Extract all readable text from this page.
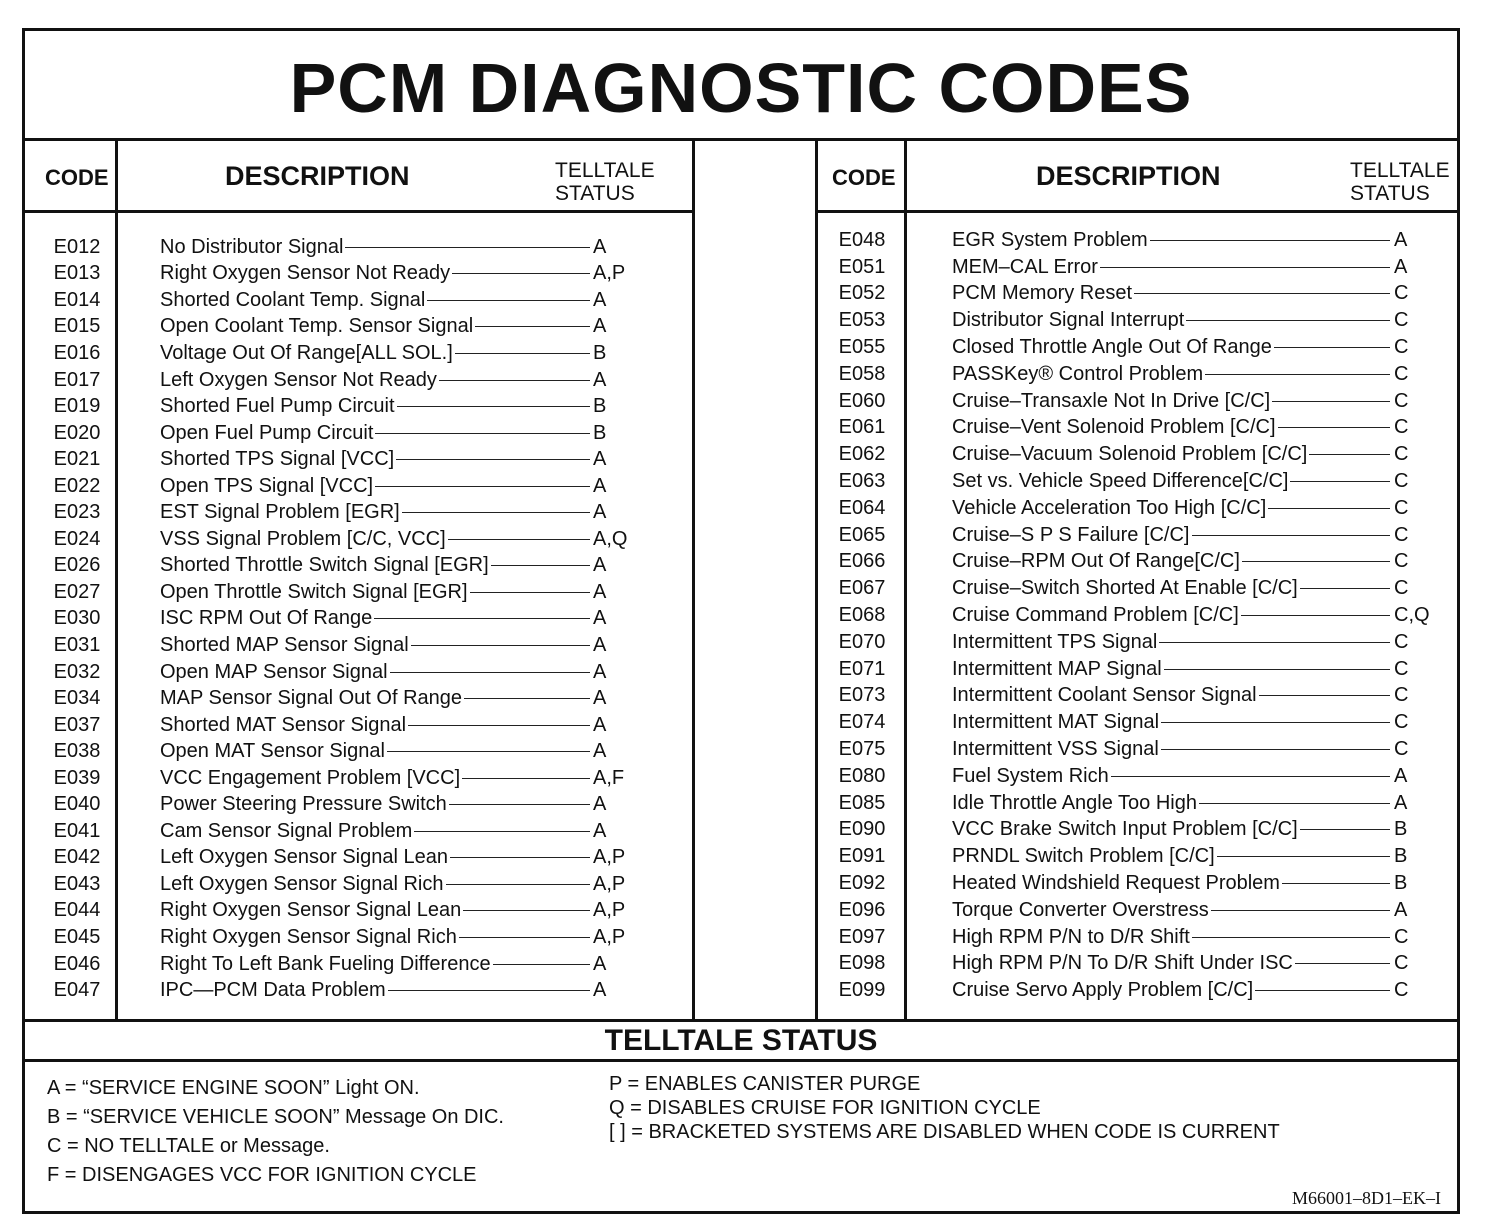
PCM DIAGNOSTIC CODES
CODE	DESCRIPTION	TELLTALE
STATUS
E012	No Distributor Signal	A
E013	Right Oxygen Sensor Not Ready	A,P
E014	Shorted Coolant Temp. Signal	A
E015	Open Coolant Temp. Sensor Signal	A
E016	Voltage Out Of Range[ALL SOL.]	B
E017	Left Oxygen Sensor Not Ready	A
E019	Shorted Fuel Pump Circuit	B
E020	Open Fuel Pump Circuit	B
E021	Shorted TPS Signal [VCC]	A
E022	Open TPS Signal [VCC]	A
E023	EST Signal Problem [EGR]	A
E024	VSS Signal Problem [C/C, VCC]	A,Q
E026	Shorted Throttle Switch Signal [EGR]	A
E027	Open Throttle Switch Signal [EGR]	A
E030	ISC RPM Out Of Range	A
E031	Shorted MAP Sensor Signal	A
E032	Open MAP Sensor Signal	A
E034	MAP Sensor Signal Out Of Range	A
E037	Shorted MAT Sensor Signal	A
E038	Open MAT Sensor Signal	A
E039	VCC Engagement Problem [VCC]	A,F
E040	Power Steering Pressure Switch	A
E041	Cam Sensor Signal Problem	A
E042	Left Oxygen Sensor Signal Lean	A,P
E043	Left Oxygen Sensor Signal Rich	A,P
E044	Right Oxygen Sensor Signal Lean	A,P
E045	Right Oxygen Sensor Signal Rich	A,P
E046	Right To Left Bank Fueling Difference	A
E047	IPC—PCM Data Problem	A
CODE	DESCRIPTION	TELLTALE
STATUS
E048	EGR System Problem	A
E051	MEM–CAL Error	A
E052	PCM Memory Reset	C
E053	Distributor Signal Interrupt	C
E055	Closed Throttle Angle Out Of Range	C
E058	PASSKey® Control Problem	C
E060	Cruise–Transaxle Not In Drive [C/C]	C
E061	Cruise–Vent Solenoid Problem [C/C]	C
E062	Cruise–Vacuum Solenoid Problem [C/C]	C
E063	Set vs. Vehicle Speed Difference[C/C]	C
E064	Vehicle Acceleration Too High [C/C]	C
E065	Cruise–S P S Failure [C/C]	C
E066	Cruise–RPM Out Of Range[C/C]	C
E067	Cruise–Switch Shorted At Enable [C/C]	C
E068	Cruise Command Problem [C/C]	C,Q
E070	Intermittent TPS Signal	C
E071	Intermittent MAP Signal	C
E073	Intermittent Coolant Sensor Signal	C
E074	Intermittent MAT Signal	C
E075	Intermittent VSS Signal	C
E080	Fuel System Rich	A
E085	Idle Throttle Angle Too High	A
E090	VCC Brake Switch Input Problem [C/C]	B
E091	PRNDL Switch Problem [C/C]	B
E092	Heated Windshield Request Problem	B
E096	Torque Converter Overstress	A
E097	High RPM P/N to D/R Shift	C
E098	High RPM P/N To D/R Shift Under ISC	C
E099	Cruise Servo Apply Problem [C/C]	C
TELLTALE STATUS
A = “SERVICE ENGINE SOON” Light ON.
B = “SERVICE VEHICLE SOON” Message On DIC.
C = NO TELLTALE or Message.
F = DISENGAGES VCC FOR IGNITION CYCLE
P = ENABLES CANISTER PURGE
Q = DISABLES CRUISE FOR IGNITION CYCLE
[ ] = BRACKETED SYSTEMS ARE DISABLED WHEN CODE IS CURRENT
M66001–8D1–EK–I
